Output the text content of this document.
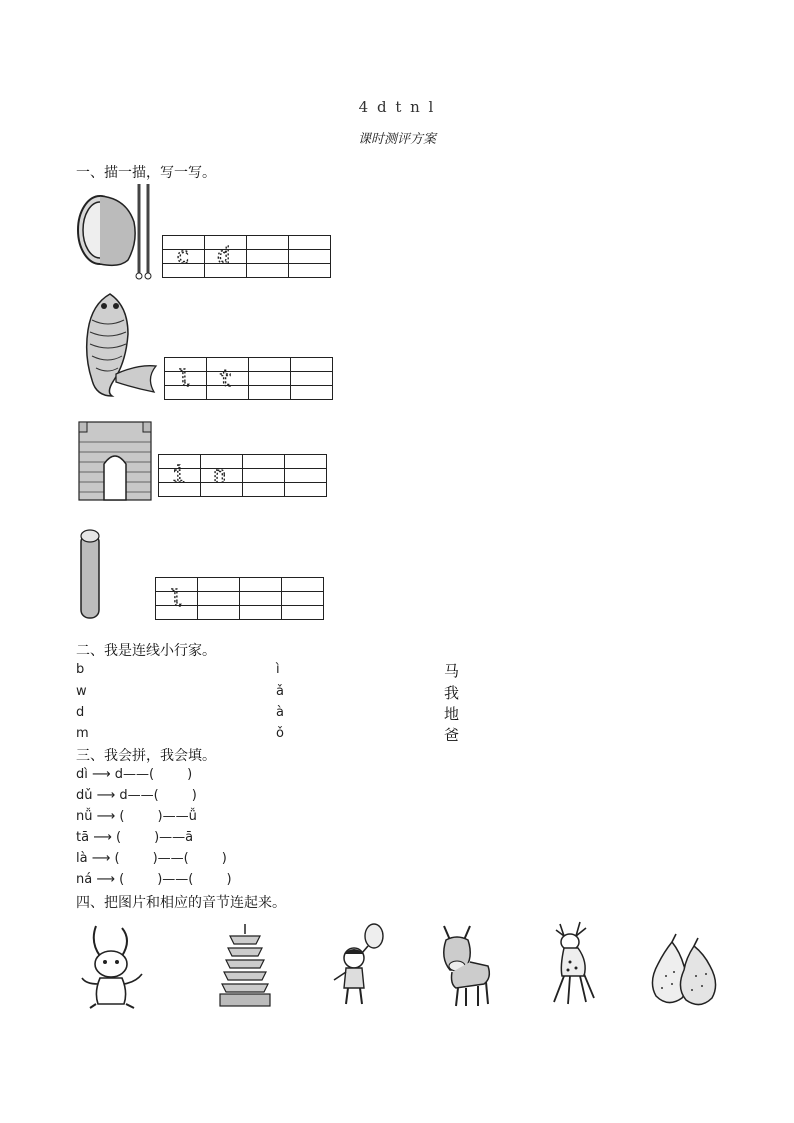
4 d t n l
课时测评方案
一、描一描，写一写。

c d

l t

i n

l
二、我是连线小行家。
b
w
d
m
ì
ǎ
à
ǒ
马
我
地
爸
三、我会拼，我会填。
dì ⟶ d——(        )
dǔ ⟶ d——(        )
nǚ ⟶ (        )——ǚ
tā ⟶ (        )——ā
là ⟶ (        )——(        )
ná ⟶ (        )——(        )
四、把图片和相应的音节连起来。
